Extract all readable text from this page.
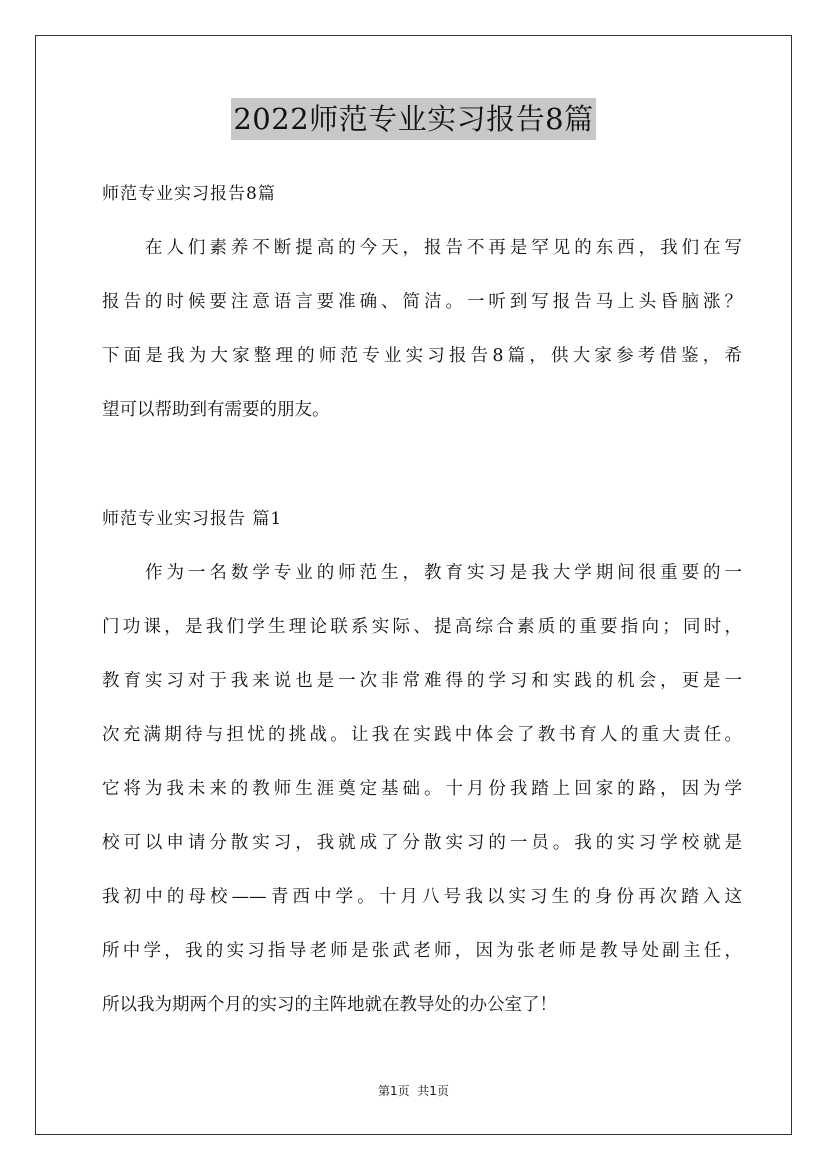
2022师范专业实习报告8篇
师范专业实习报告8篇
在人们素养不断提高的今天，报告不再是罕见的东西，我们在写
报告的时候要注意语言要准确、简洁。一听到写报告马上头昏脑涨？
下面是我为大家整理的师范专业实习报告8篇，供大家参考借鉴，希
望可以帮助到有需要的朋友。
师范专业实习报告 篇1
作为一名数学专业的师范生，教育实习是我大学期间很重要的一
门功课，是我们学生理论联系实际、提高综合素质的重要指向；同时，
教育实习对于我来说也是一次非常难得的学习和实践的机会，更是一
次充满期待与担忧的挑战。让我在实践中体会了教书育人的重大责任。
它将为我未来的教师生涯奠定基础。十月份我踏上回家的路，因为学
校可以申请分散实习，我就成了分散实习的一员。我的实习学校就是
我初中的母校——青西中学。十月八号我以实习生的身份再次踏入这
所中学，我的实习指导老师是张武老师，因为张老师是教导处副主任，
所以我为期两个月的实习的主阵地就在教导处的办公室了！
第1页  共1页
